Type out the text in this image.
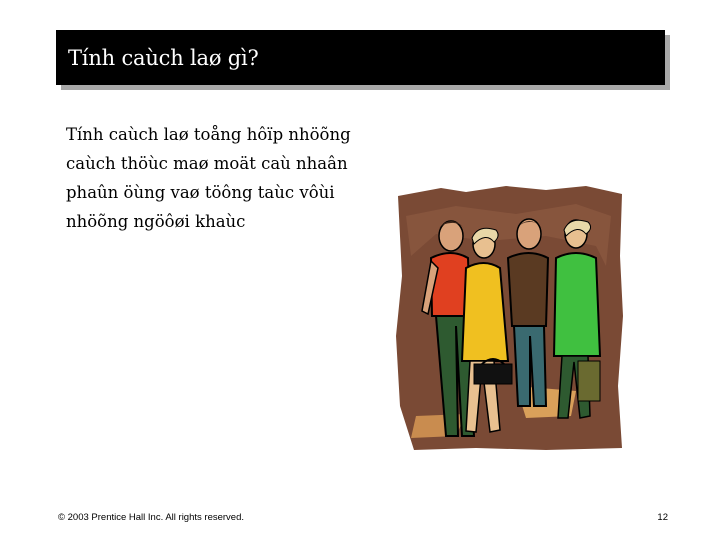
Tính caùch laø gì?
Tính caùch laø toång hôïp nhöõng
caùch thöùc maø moät caù nhaân
phaûn öùng vaø töông taùc vôùi
nhöõng ngöôøi khaùc
© 2003 Prentice Hall Inc. All rights reserved.	12
